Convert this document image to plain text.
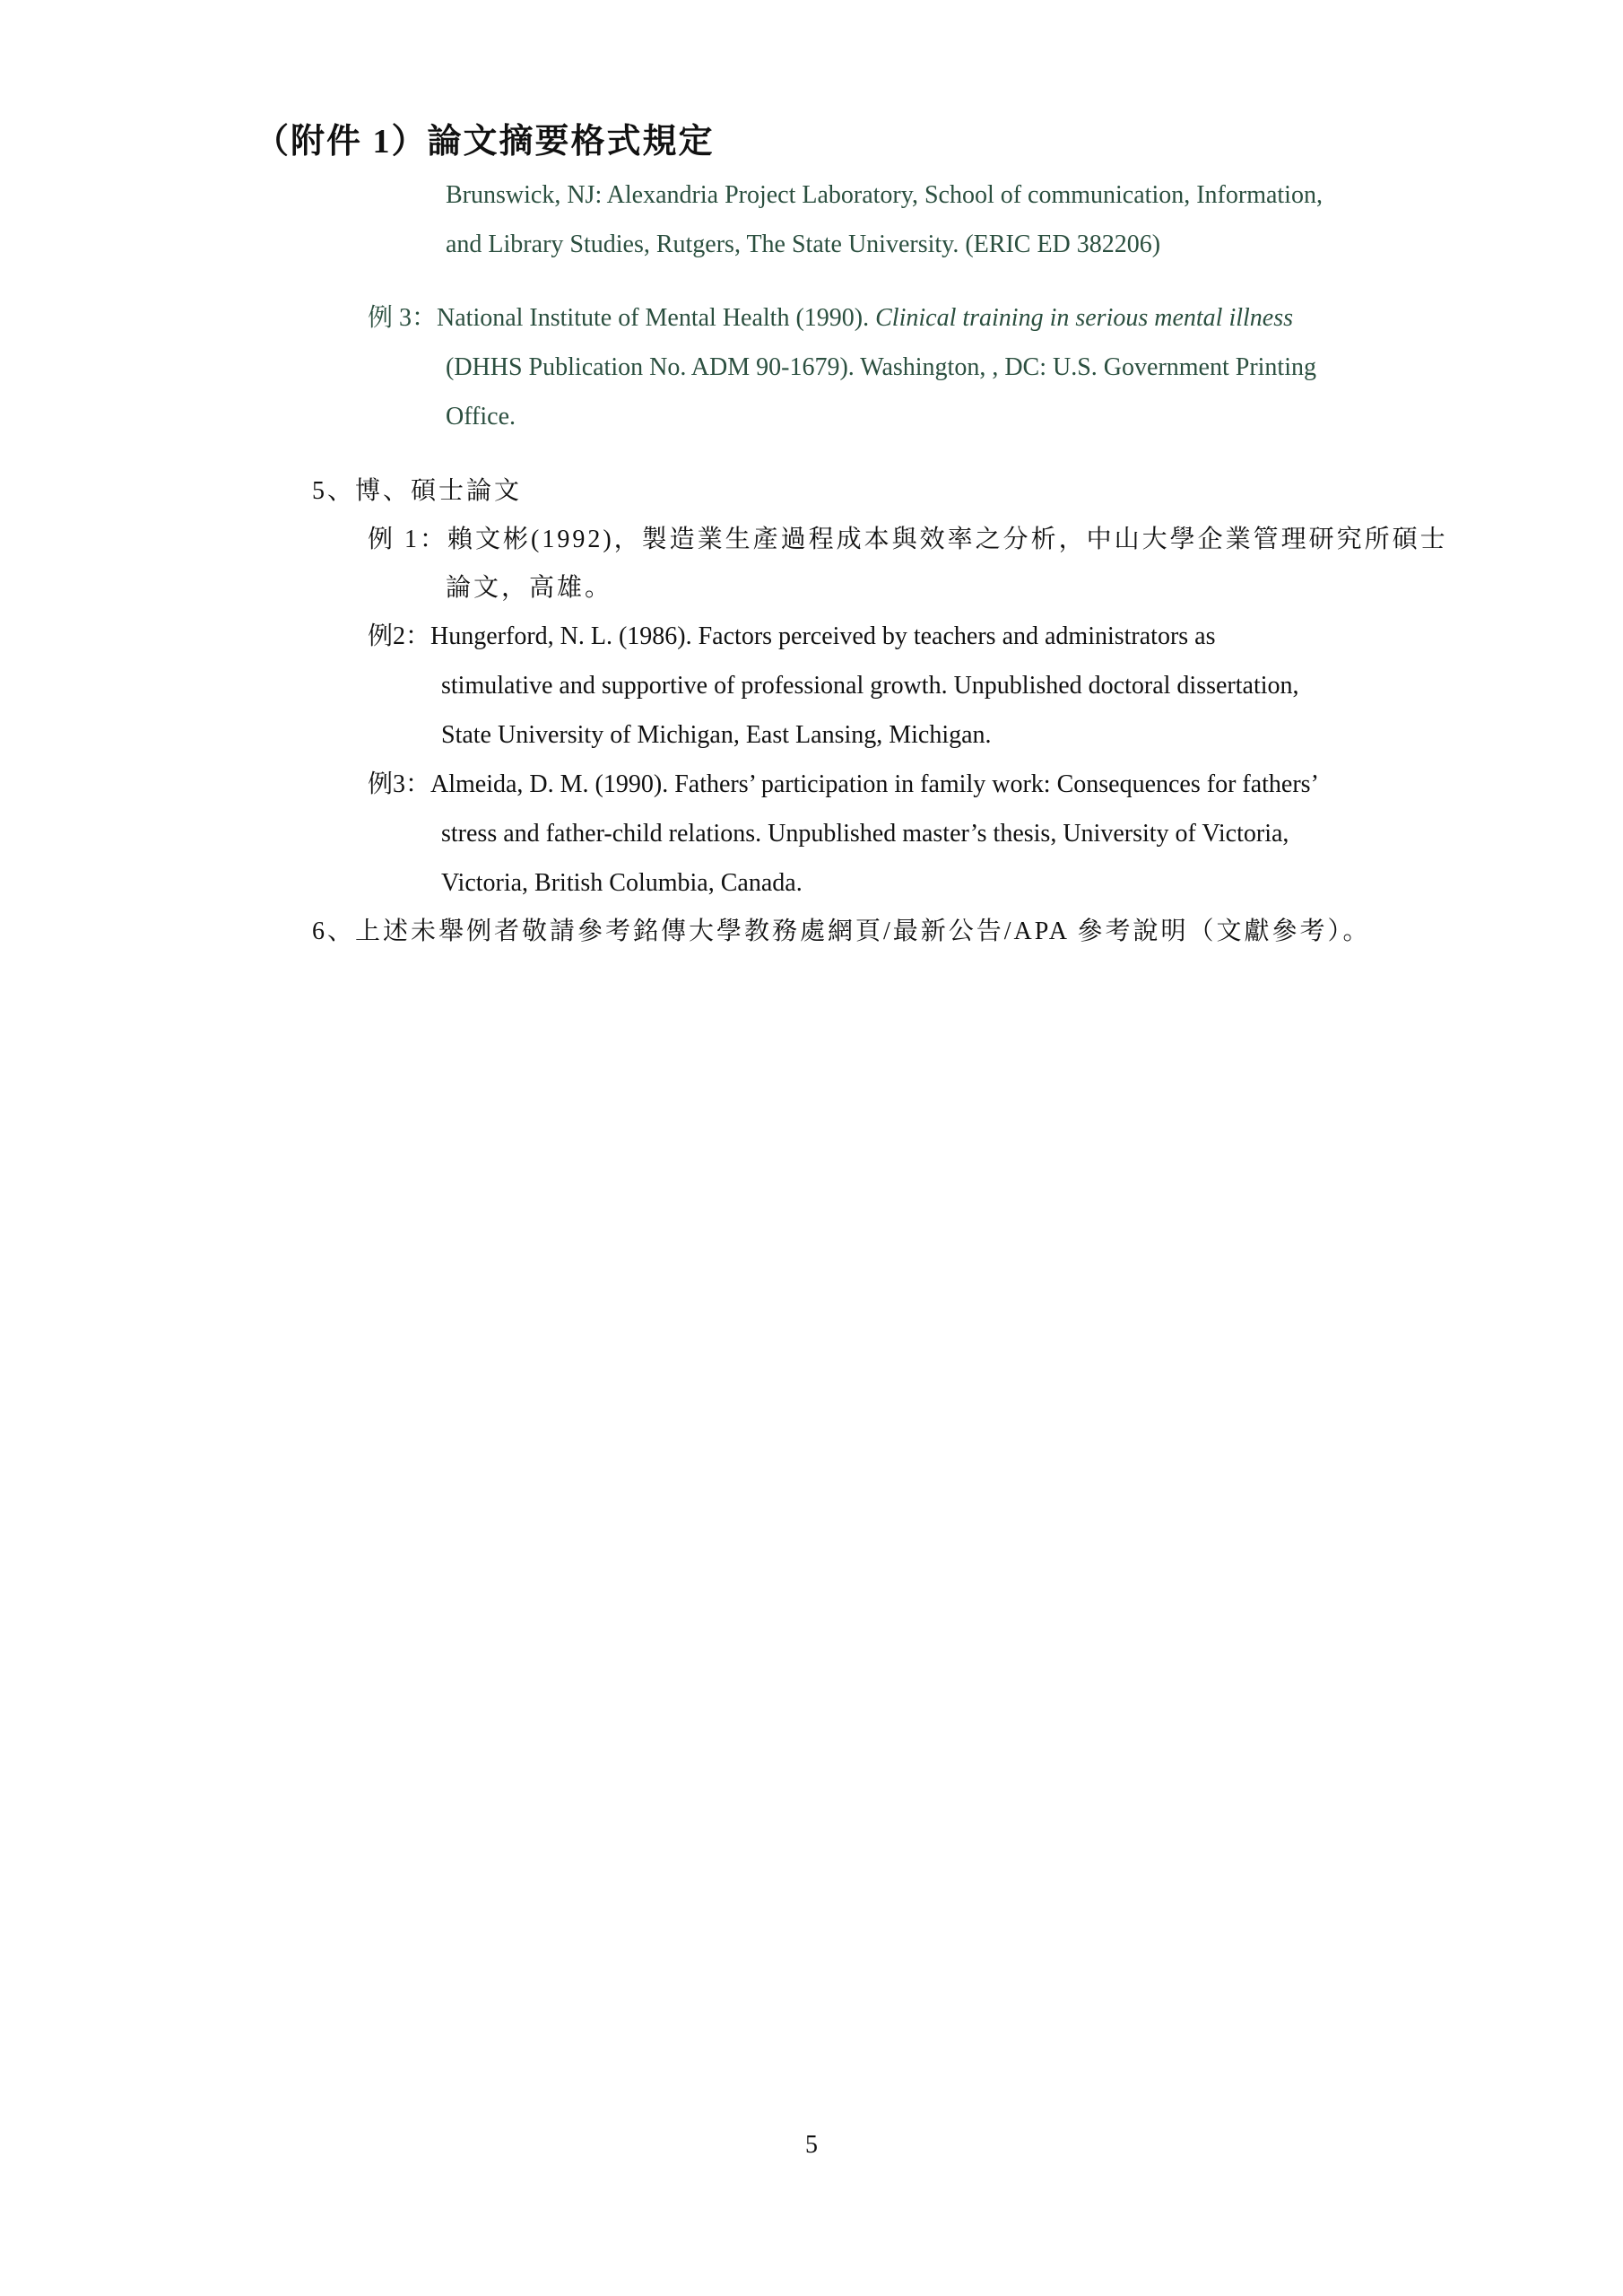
（附件 1）論文摘要格式規定
Brunswick, NJ: Alexandria Project Laboratory, School of communication, Information,
and Library Studies, Rutgers, The State University. (ERIC ED 382206)
例 3：National Institute of Mental Health (1990). Clinical training in serious mental illness
(DHHS Publication No. ADM 90-1679). Washington, , DC: U.S. Government Printing
Office.
5、博、碩士論文
例 1：賴文彬(1992)，製造業生產過程成本與效率之分析，中山大學企業管理研究所碩士
論文，高雄。
例2：Hungerford, N. L. (1986). Factors perceived by teachers and administrators as
stimulative and supportive of professional growth. Unpublished doctoral dissertation,
State University of Michigan, East Lansing, Michigan.
例3：Almeida, D. M. (1990). Fathers’ participation in family work: Consequences for fathers’
stress and father-child relations. Unpublished master’s thesis, University of Victoria,
Victoria, British Columbia, Canada.
6、上述未舉例者敬請參考銘傳大學教務處網頁/最新公告/APA 參考說明（文獻參考）。
5
